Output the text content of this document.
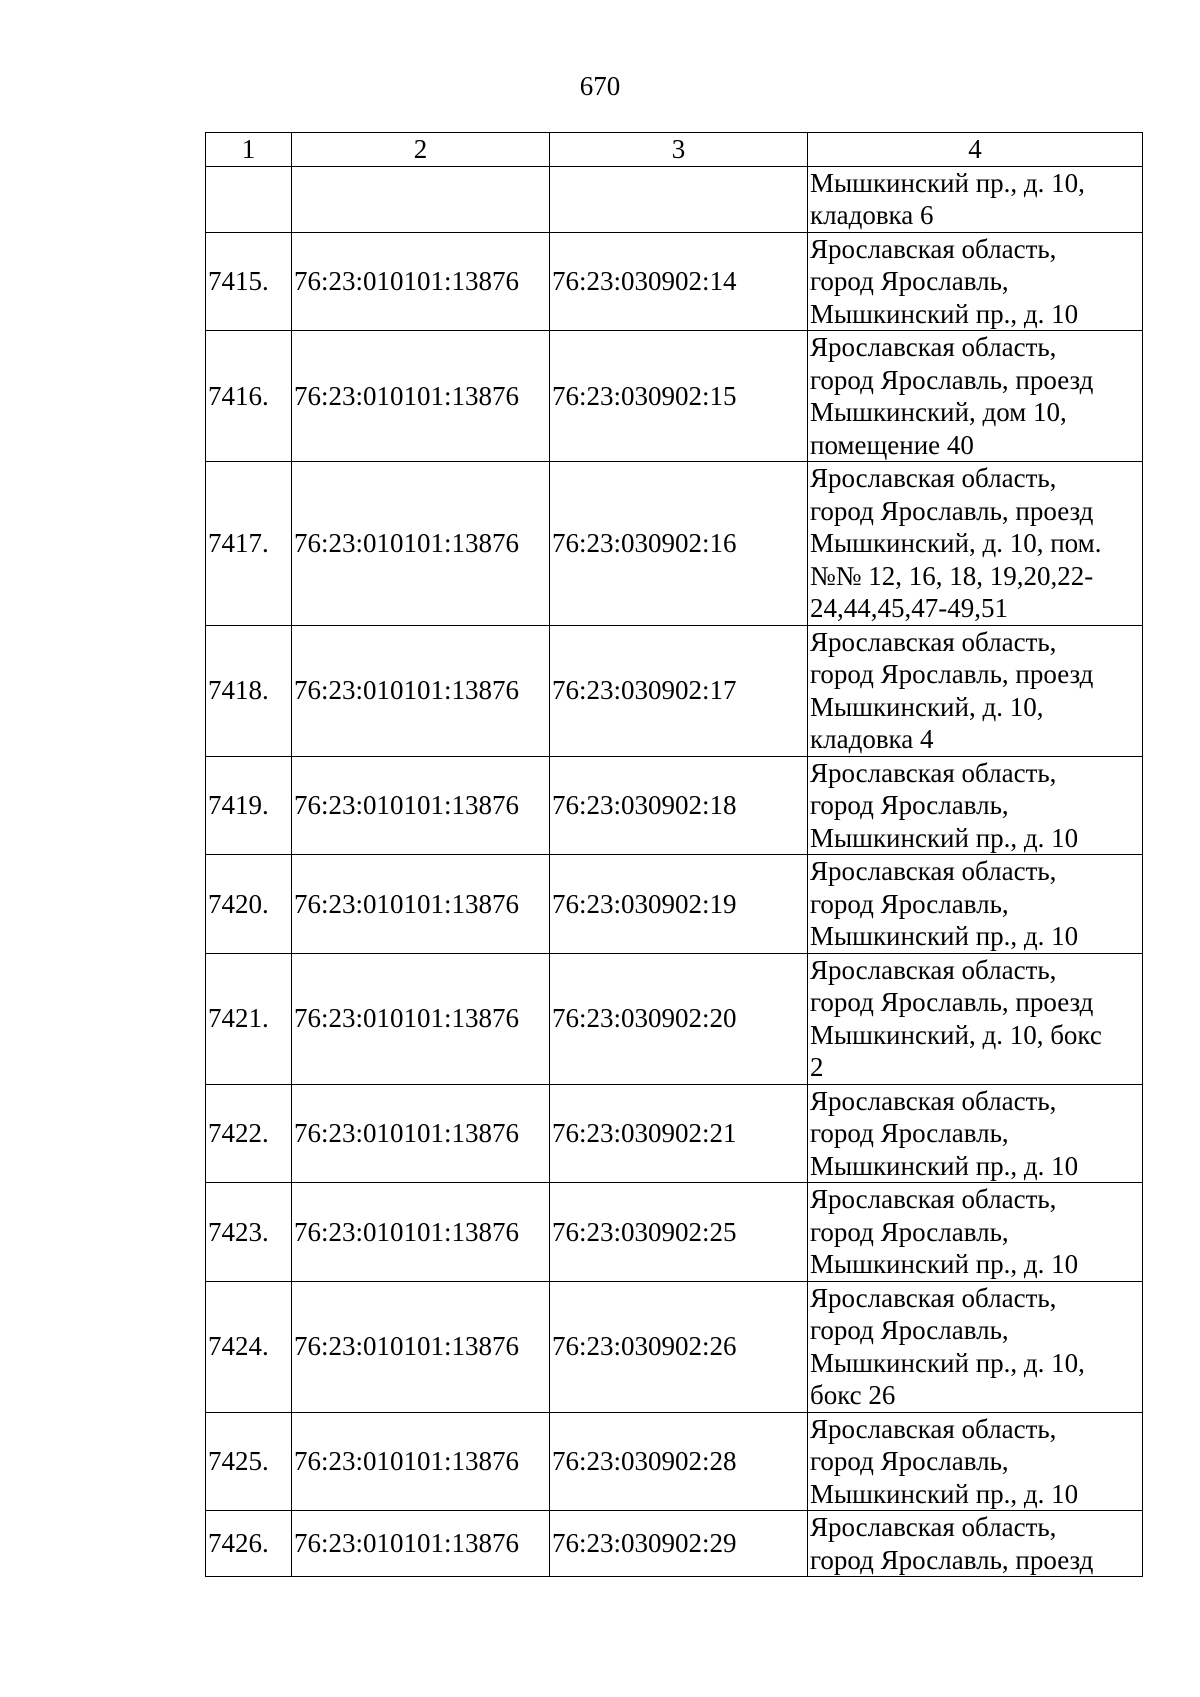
670
1	2	3	4

			Мышкинский пр., д. 10,
кладовка 6

7415.	76:23:010101:13876	76:23:030902:14	Ярославская область,
город Ярославль,
Мышкинский пр., д. 10

7416.	76:23:010101:13876	76:23:030902:15	Ярославская область,
город Ярославль, проезд
Мышкинский, дом 10,
помещение 40

7417.	76:23:010101:13876	76:23:030902:16	Ярославская область,
город Ярославль, проезд
Мышкинский, д. 10, пом.
№№ 12, 16, 18, 19,20,22-
24,44,45,47-49,51

7418.	76:23:010101:13876	76:23:030902:17	Ярославская область,
город Ярославль, проезд
Мышкинский, д. 10,
кладовка 4

7419.	76:23:010101:13876	76:23:030902:18	Ярославская область,
город Ярославль,
Мышкинский пр., д. 10

7420.	76:23:010101:13876	76:23:030902:19	Ярославская область,
город Ярославль,
Мышкинский пр., д. 10

7421.	76:23:010101:13876	76:23:030902:20	Ярославская область,
город Ярославль, проезд
Мышкинский, д. 10, бокс
2

7422.	76:23:010101:13876	76:23:030902:21	Ярославская область,
город Ярославль,
Мышкинский пр., д. 10

7423.	76:23:010101:13876	76:23:030902:25	Ярославская область,
город Ярославль,
Мышкинский пр., д. 10

7424.	76:23:010101:13876	76:23:030902:26	Ярославская область,
город Ярославль,
Мышкинский пр., д. 10,
бокс 26

7425.	76:23:010101:13876	76:23:030902:28	Ярославская область,
город Ярославль,
Мышкинский пр., д. 10

7426.	76:23:010101:13876	76:23:030902:29	Ярославская область,
город Ярославль, проезд
